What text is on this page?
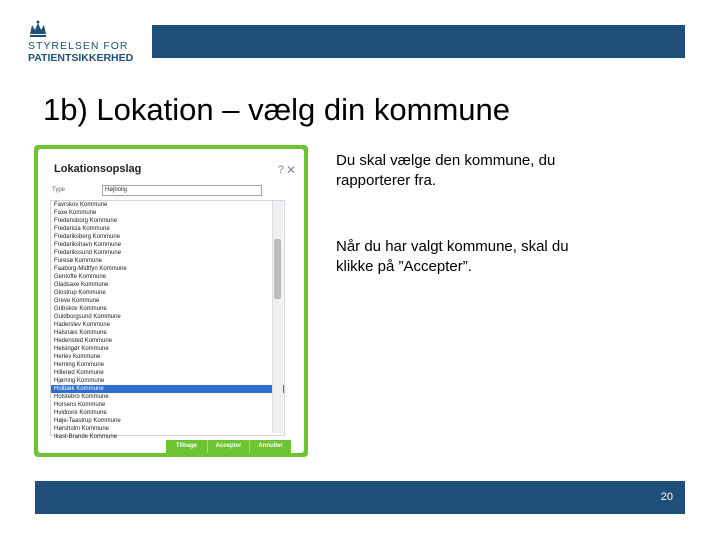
STYRELSEN FOR
PATIENTSIKKERHED
1b) Lokation – vælg din kommune
Lokationsopslag	? ✕
Type	Højbolig
Favrskov Kommune
Faxe Kommune
Fredensborg Kommune
Fredericia Kommune
Frederiksberg Kommune
Frederikshavn Kommune
Frederikssund Kommune
Furesø Kommune
Faaborg-Midtfyn Kommune
Gentofte Kommune
Gladsaxe Kommune
Glostrup Kommune
Greve Kommune
Gribskov Kommune
Guldborgsund Kommune
Haderslev Kommune
Halsnæs Kommune
Hedensted Kommune
Helsingør Kommune
Herlev Kommune
Herning Kommune
Hillerød Kommune
Hjørring Kommune
Holbæk Kommune
Holstebro Kommune
Horsens Kommune
Hvidovre Kommune
Høje-Taastrup Kommune
Hørsholm Kommune
Ikast-Brande Kommune
Tilbage	Accepter	Annuller
Du skal vælge den kommune, du rapporterer fra.
Når du har valgt kommune, skal du klikke på ”Accepter”.
20
